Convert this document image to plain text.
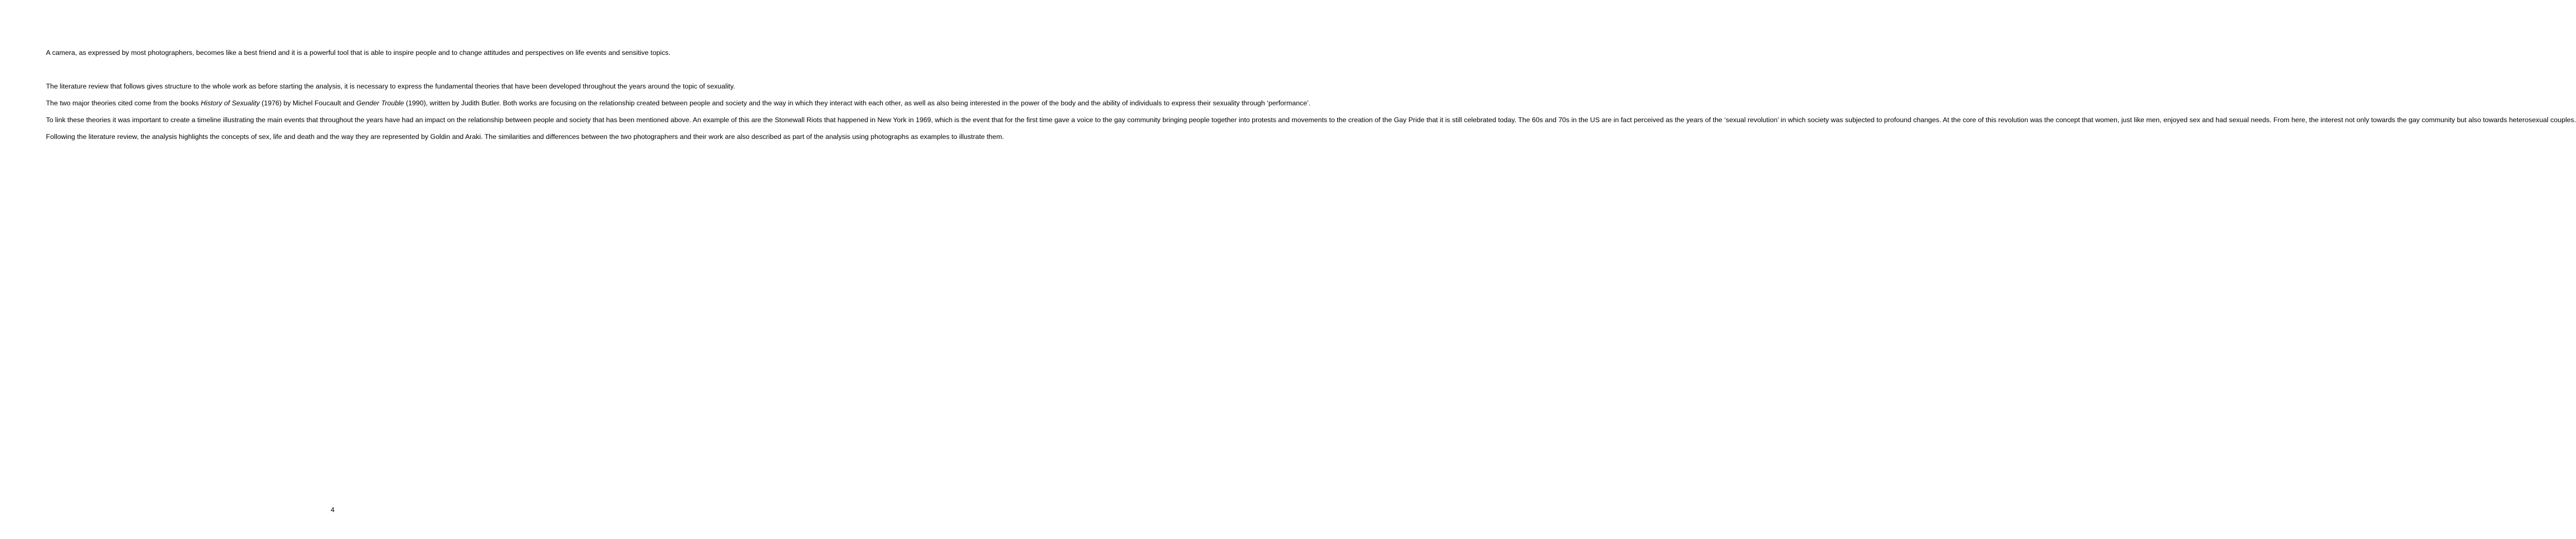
A camera, as expressed by most photographers, becomes like a best friend and it is a powerful tool that is able to inspire people and to change attitudes and perspectives on life events and sensitive topics.

The literature review that follows gives structure to the whole work as before starting the analysis, it is necessary to express the fundamental theories that have been developed throughout the years around the topic of sexuality.

The two major theories cited come from the books History of Sexuality (1976) by Michel Foucault and Gender Trouble (1990), written by Judith Butler. Both works are focusing on the relationship created between people and society and the way in which they interact with each other, as well as also being interested in the power of the body and the ability of individuals to express their sexuality through ‘performance’.

To link these theories it was important to create a timeline illustrating the main events that throughout the years have had an impact on the relationship between people and society that has been mentioned above. An example of this are the Stonewall Riots that happened in New York in 1969, which is the event that for the first time gave a voice to the gay community bringing people together into protests and movements to the creation of the Gay Pride that it is still celebrated today. The 60s and 70s in the US are in fact perceived as the years of the ‘sexual revolution’ in which society was subjected to profound changes. At the core of this revolution was the concept that women, just like men, enjoyed sex and had sexual needs. From here, the interest not only towards the gay community but also towards heterosexual couples.

Following the literature review, the analysis highlights the concepts of sex, life and death and the way they are represented by Goldin and Araki. The similarities and differences between the two photographers and their work are also described as part of the analysis using photographs as examples to illustrate them.

4
